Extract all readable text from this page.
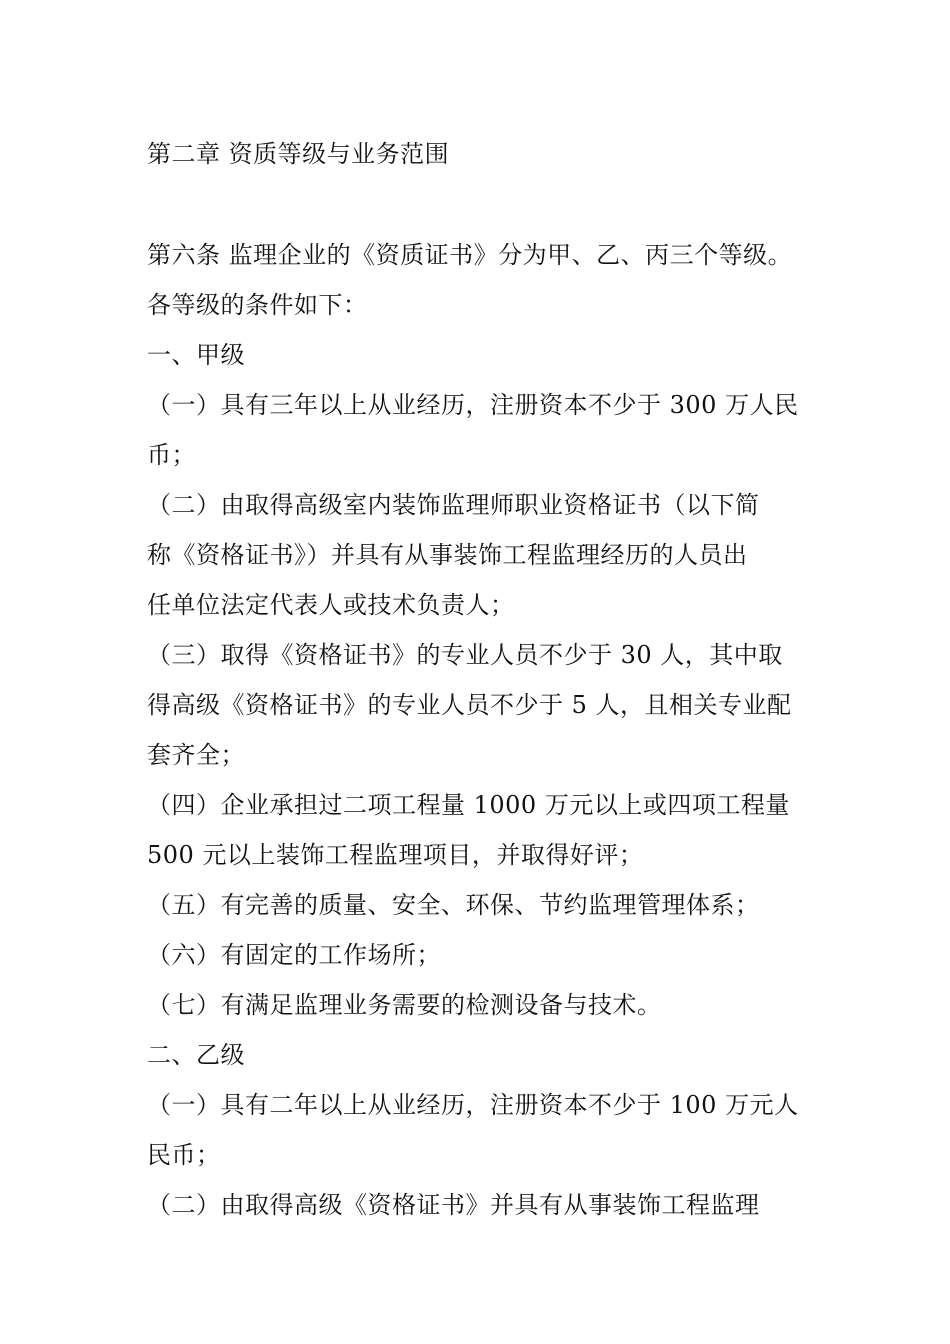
第二章 资质等级与业务范围
第六条 监理企业的《资质证书》分为甲、乙、丙三个等级。
各等级的条件如下：
一、甲级
（一）具有三年以上从业经历，注册资本不少于 300 万人民
币；
（二）由取得高级室内装饰监理师职业资格证书（以下简
称《资格证书》）并具有从事装饰工程监理经历的人员出
任单位法定代表人或技术负责人；
（三）取得《资格证书》的专业人员不少于 30 人，其中取
得高级《资格证书》的专业人员不少于 5 人，且相关专业配
套齐全；
（四）企业承担过二项工程量 1000 万元以上或四项工程量
500 元以上装饰工程监理项目，并取得好评；
（五）有完善的质量、安全、环保、节约监理管理体系；
（六）有固定的工作场所；
（七）有满足监理业务需要的检测设备与技术。
二、乙级
（一）具有二年以上从业经历，注册资本不少于 100 万元人
民币；
（二）由取得高级《资格证书》并具有从事装饰工程监理
